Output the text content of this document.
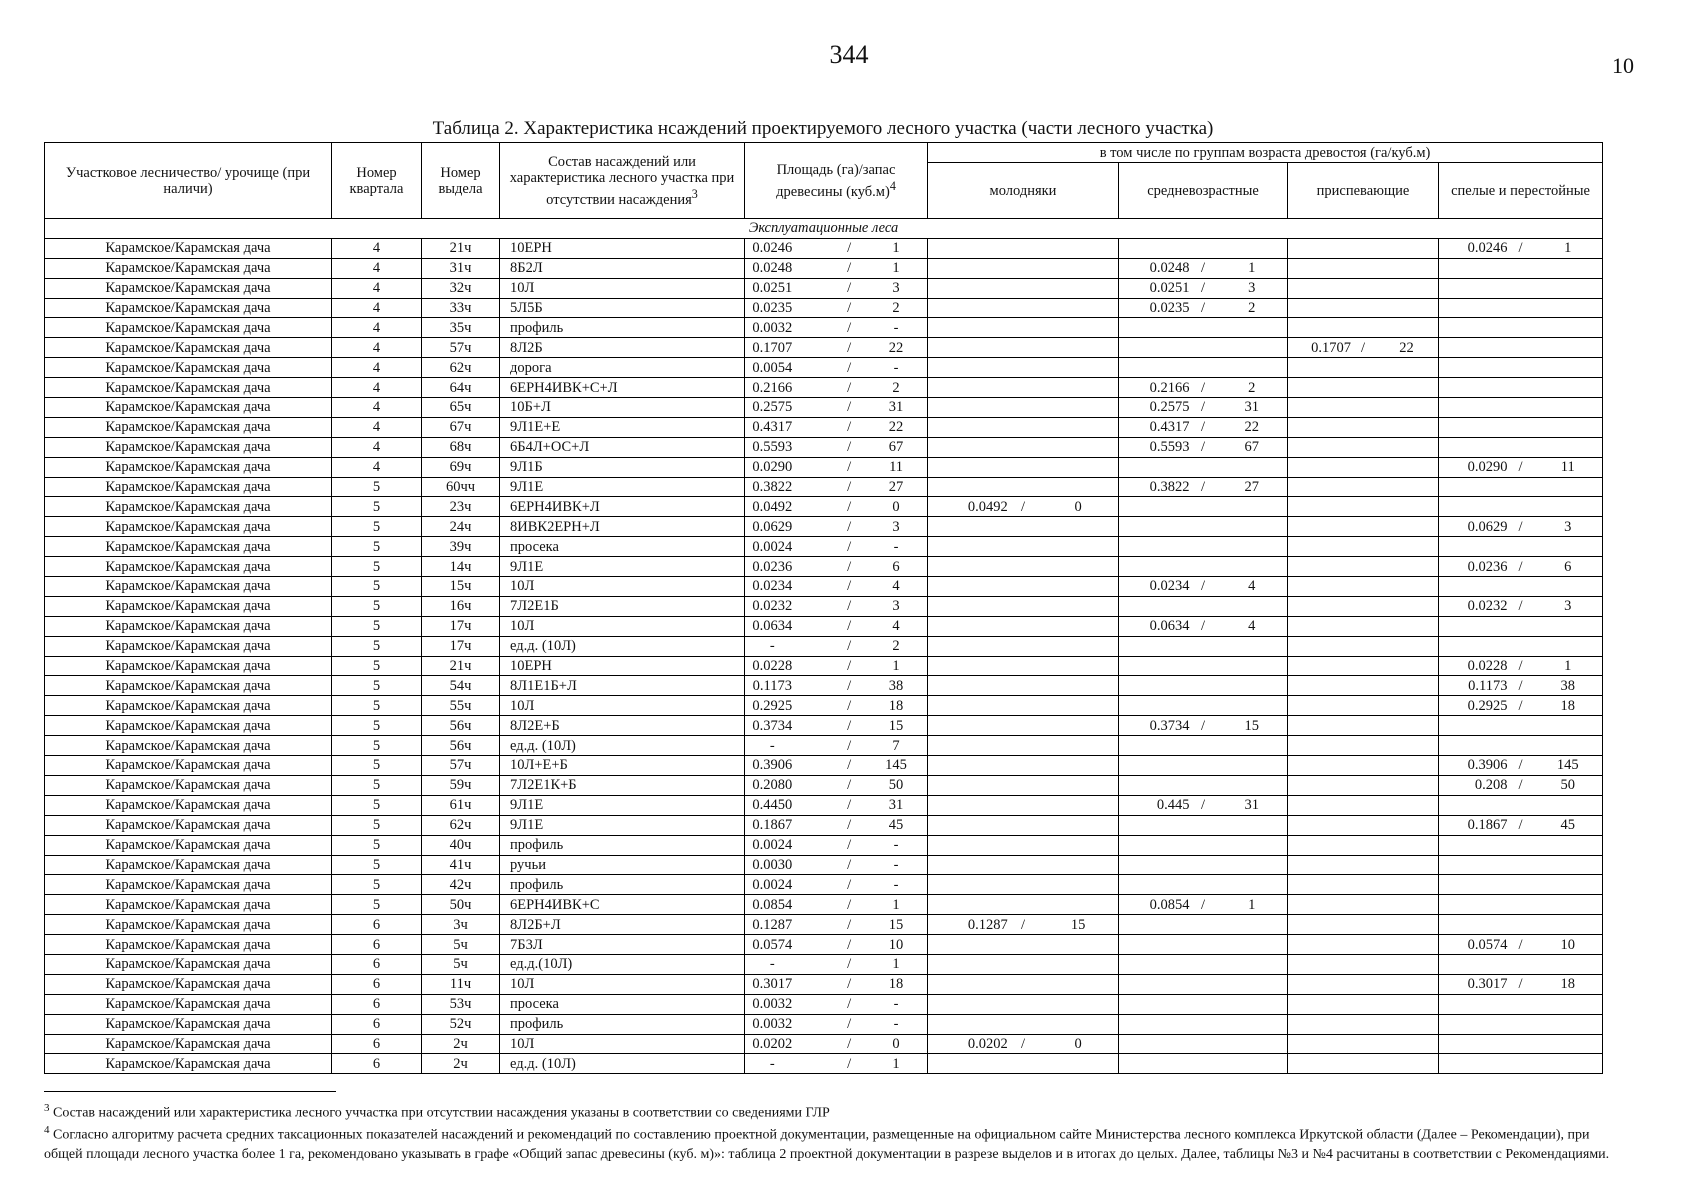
344	10
Таблица 2. Характеристика нсаждений проектируемого лесного участка (части лесного участка)
Участковое лесничество/ урочище (при наличи)	Номер квартала	Номер выдела	Состав насаждений или характеристика лесного участка при отсутствии насаждения$^3$	Площадь (га)/запас древесины $(куб.м)^4$	в том числе по группам возраста древостоя (га/куб.м)			
					молодняки	средневозрастные	приспевающие	спелые и перестойные
Эксплуатационные леса								
Карамское/Карамская дача	4	21ч	10ЕРН	0.0246 / 1				0.0246 / 1

Карамское/Карамская дача	4	31ч	8Б2Л	0.0248 / 1		0.0248 / 1		

Карамское/Карамская дача	4	32ч	10Л	0.0251 / 3		0.0251 / 3		

Карамское/Карамская дача	4	33ч	5Л5Б	0.0235 / 2		0.0235 / 2		

Карамское/Карамская дача	4	35ч	профиль	0.0032 / -				

Карамское/Карамская дача	4	57ч	8Л2Б	0.1707 / 22			0.1707 / 22	

Карамское/Карамская дача	4	62ч	дорога	0.0054 / -				

Карамское/Карамская дача	4	64ч	6ЕРН4ИВК+С+Л	0.2166 / 2		0.2166 / 2		

Карамское/Карамская дача	4	65ч	10Б+Л	0.2575 / 31		0.2575 / 31		

Карамское/Карамская дача	4	67ч	9Л1Е+Е	0.4317 / 22		0.4317 / 22		

Карамское/Карамская дача	4	68ч	6Б4Л+ОС+Л	0.5593 / 67		0.5593 / 67		

Карамское/Карамская дача	4	69ч	9Л1Б	0.0290 / 11				0.0290 / 11

Карамское/Карамская дача	5	60чч	9Л1Е	0.3822 / 27		0.3822 / 27		

Карамское/Карамская дача	5	23ч	6ЕРН4ИВК+Л	0.0492 / 0	0.0492 / 0			

Карамское/Карамская дача	5	24ч	8ИВК2ЕРН+Л	0.0629 / 3				0.0629 / 3

Карамское/Карамская дача	5	39ч	просека	0.0024 / -				

Карамское/Карамская дача	5	14ч	9Л1Е	0.0236 / 6				0.0236 / 6

Карамское/Карамская дача	5	15ч	10Л	0.0234 / 4		0.0234 / 4		

Карамское/Карамская дача	5	16ч	7Л2Е1Б	0.0232 / 3				0.0232 / 3

Карамское/Карамская дача	5	17ч	10Л	0.0634 / 4		0.0634 / 4		

Карамское/Карамская дача	5	17ч	ед.д. (10Л)	- / 2				

Карамское/Карамская дача	5	21ч	10ЕРН	0.0228 / 1				0.0228 / 1

Карамское/Карамская дача	5	54ч	8Л1Е1Б+Л	0.1173 / 38				0.1173 / 38

Карамское/Карамская дача	5	55ч	10Л	0.2925 / 18				0.2925 / 18

Карамское/Карамская дача	5	56ч	8Л2Е+Б	0.3734 / 15		0.3734 / 15		

Карамское/Карамская дача	5	56ч	ед.д. (10Л)	- / 7				

Карамское/Карамская дача	5	57ч	10Л+Е+Б	0.3906 / 145				0.3906 / 145

Карамское/Карамская дача	5	59ч	7Л2Е1К+Б	0.2080 / 50				0.208 / 50

Карамское/Карамская дача	5	61ч	9Л1Е	0.4450 / 31		0.445 / 31		

Карамское/Карамская дача	5	62ч	9Л1Е	0.1867 / 45				0.1867 / 45

Карамское/Карамская дача	5	40ч	профиль	0.0024 / -				

Карамское/Карамская дача	5	41ч	ручьи	0.0030 / -				

Карамское/Карамская дача	5	42ч	профиль	0.0024 / -				

Карамское/Карамская дача	5	50ч	6ЕРН4ИВК+С	0.0854 / 1		0.0854 / 1		

Карамское/Карамская дача	6	3ч	8Л2Б+Л	0.1287 / 15	0.1287 / 15			

Карамское/Карамская дача	6	5ч	7Б3Л	0.0574 / 10				0.0574 / 10

Карамское/Карамская дача	6	5ч	ед.д.(10Л)	- / 1				

Карамское/Карамская дача	6	11ч	10Л	0.3017 / 18				0.3017 / 18

Карамское/Карамская дача	6	53ч	просека	0.0032 / -				

Карамское/Карамская дача	6	52ч	профиль	0.0032 / -				

Карамское/Карамская дача	6	2ч	10Л	0.0202 / 0	0.0202 / 0			

Карамское/Карамская дача	6	2ч	ед.д. (10Л)	- / 1				

$^3$ Состав насаждений или характеристика лесного уччастка при отсутствии насаждения указаны в соответствии со сведениями ГЛР
$^4$ Согласно алгоритму расчета средних таксационных показателей насаждений и рекомендаций по составлению проектной документации, размещенные на официальном сайте Министерства лесного комплекса Иркутской области (Далее – Рекомендации), при общей площади лесного участка более 1 га, рекомендовано указывать в графе «Общий запас древесины (куб. м)»: таблица 2 проектной документации в разрезе выделов и в итогах до целых. Далее, таблицы №3 и №4 расчитаны в соответствии с Рекомендациями.
